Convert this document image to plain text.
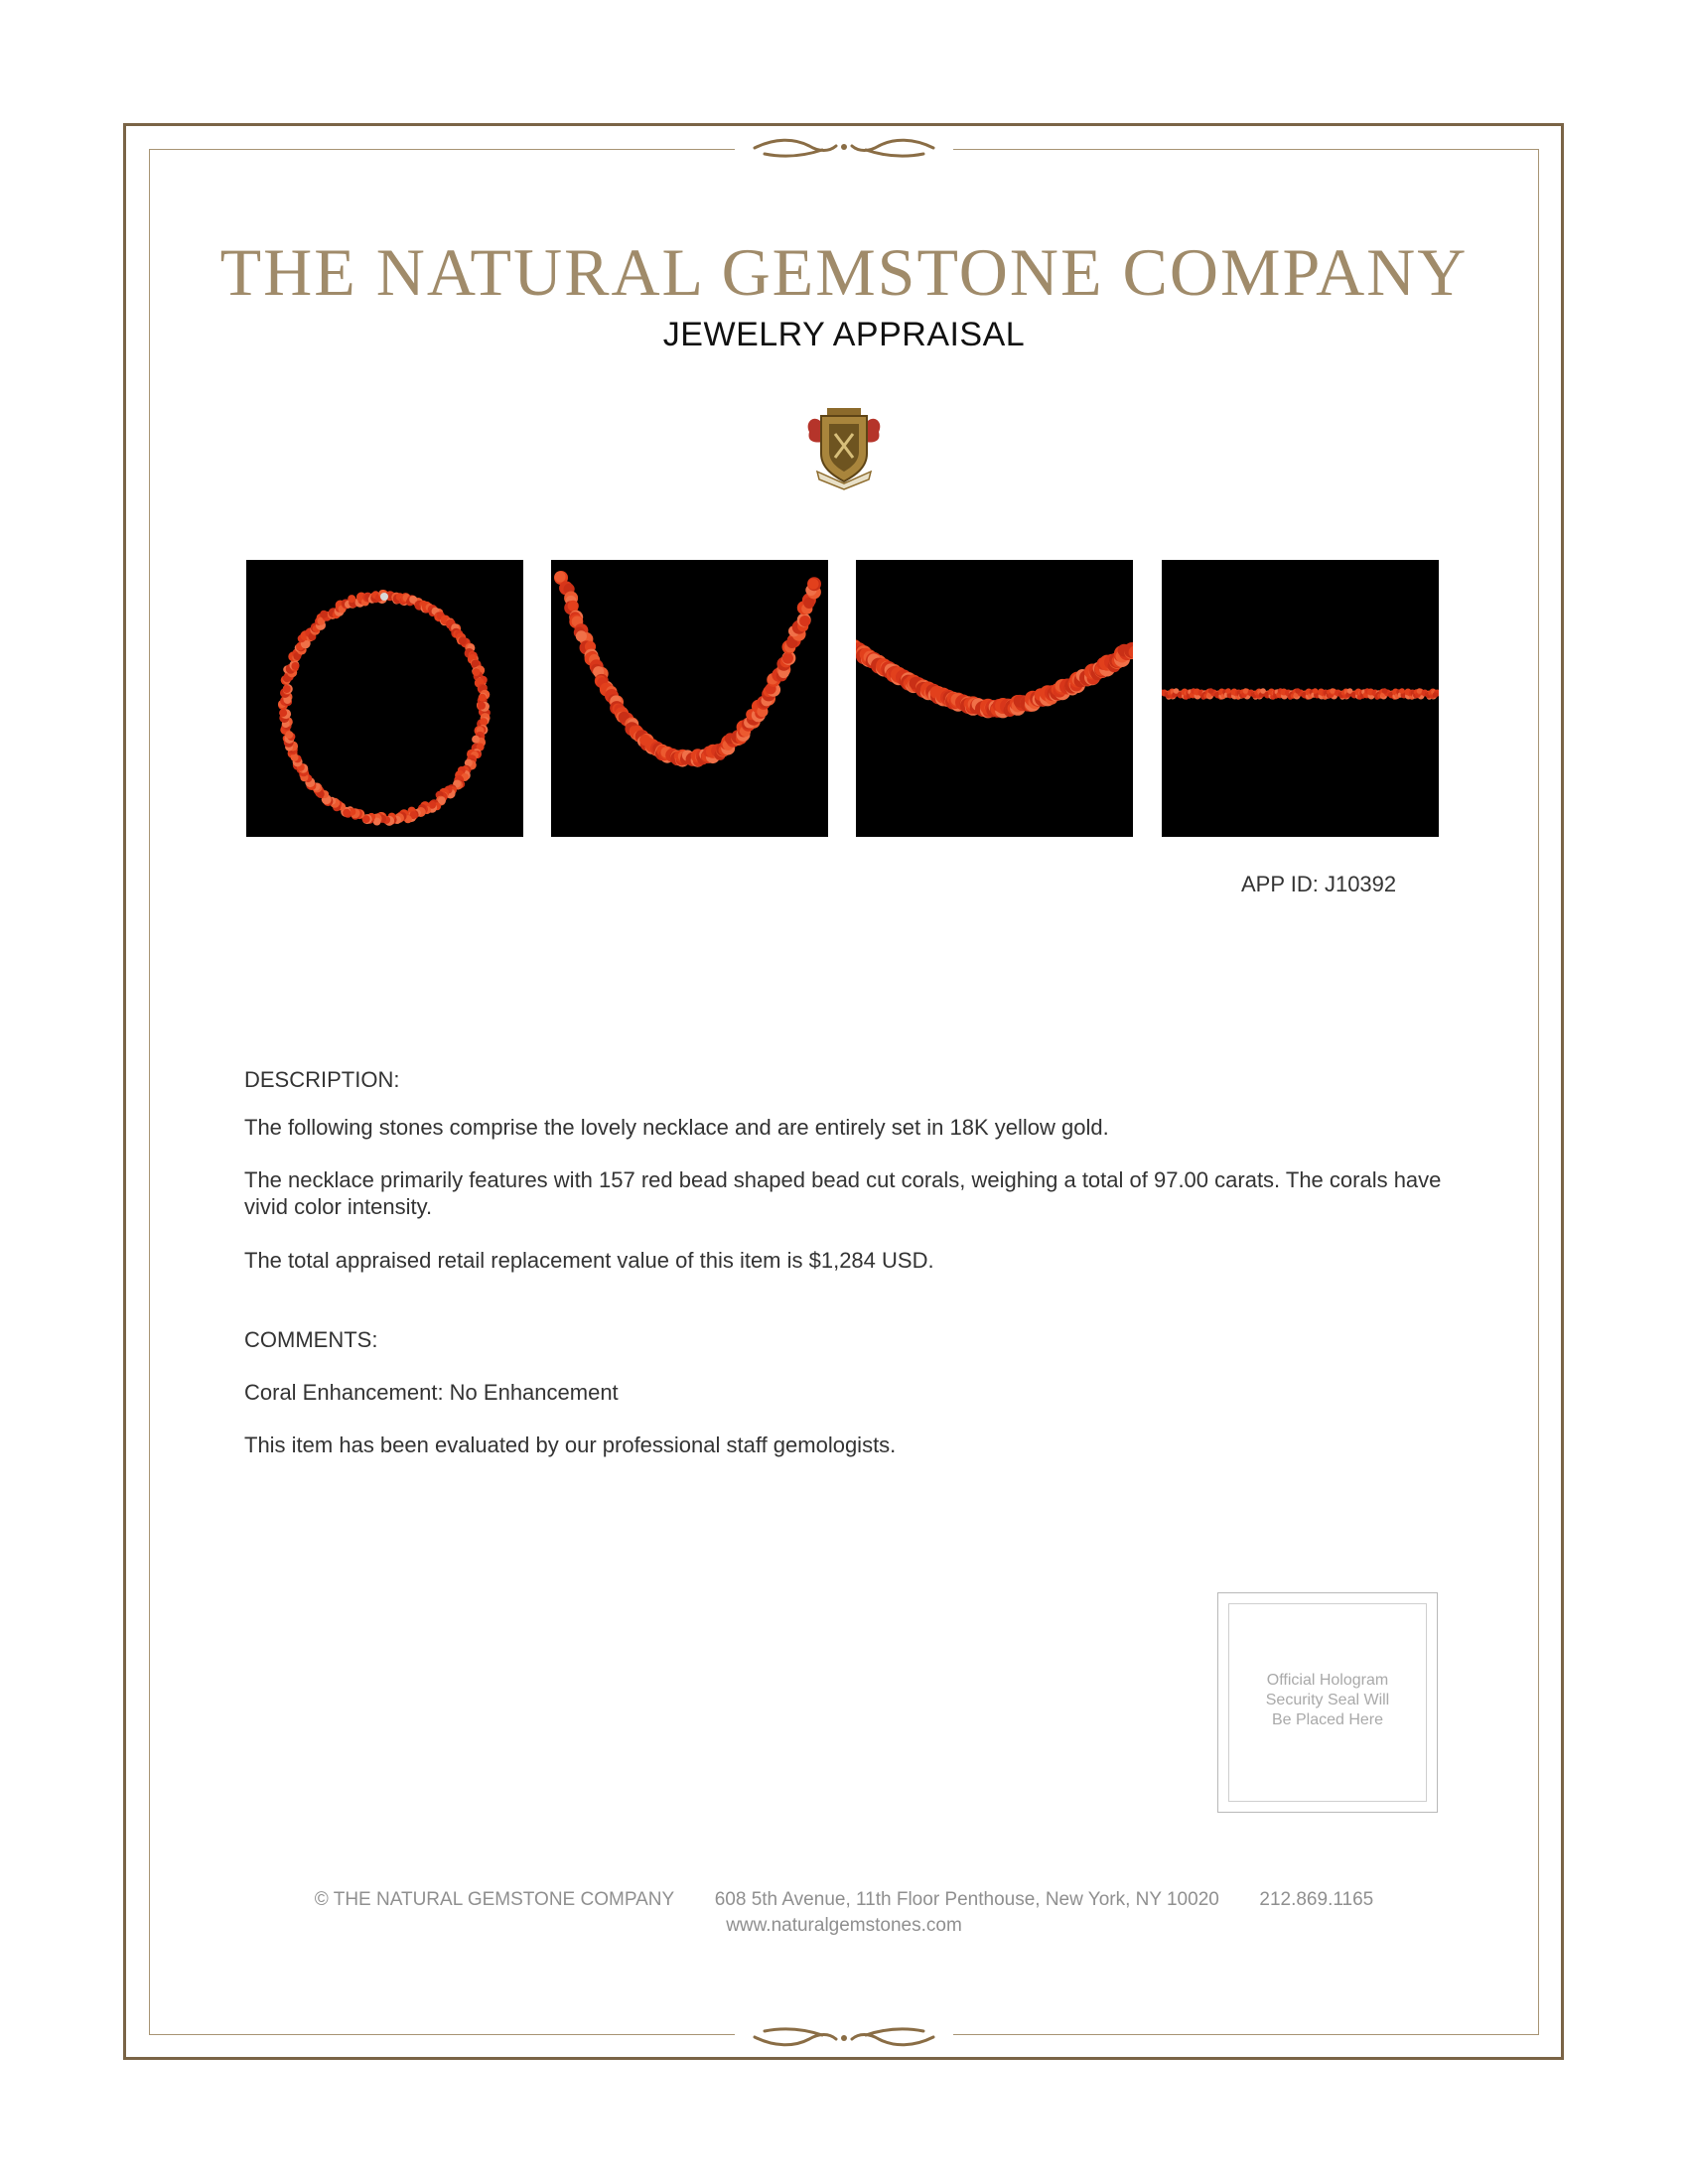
THE NATURAL GEMSTONE COMPANY
JEWELRY APPRAISAL
APP ID: J10392
DESCRIPTION:
The following stones comprise the lovely necklace and are entirely set in 18K yellow gold.
The necklace primarily features with 157 red bead shaped bead cut corals, weighing a total of 97.00 carats. The corals have vivid color intensity.
The total appraised retail replacement value of this item is $1,284 USD.
COMMENTS:
Coral Enhancement: No Enhancement
This item has been evaluated by our professional staff gemologists.
Official Hologram
Security Seal Will
Be Placed Here
© THE NATURAL GEMSTONE COMPANY 608 5th Avenue, 11th Floor Penthouse, New York, NY 10020 212.869.1165
www.naturalgemstones.com
